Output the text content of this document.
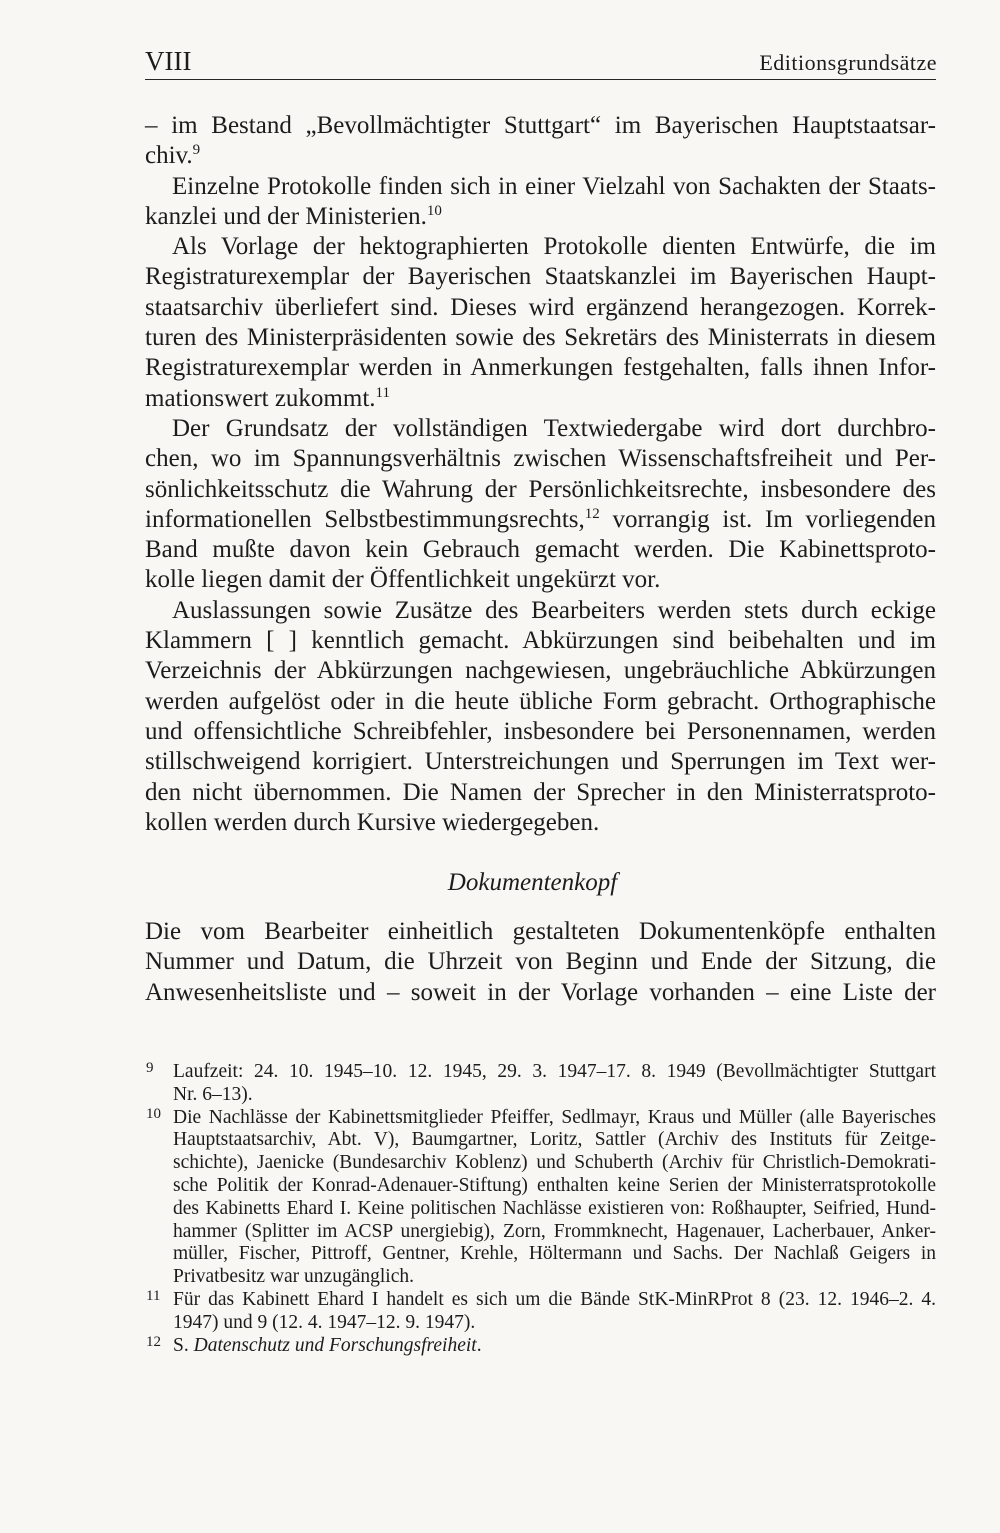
VIII	Editionsgrundsätze
– im Bestand „Bevollmächtigter Stuttgart“ im Bayerischen Hauptstaatsar-
chiv.$^9$
Einzelne Protokolle finden sich in einer Vielzahl von Sachakten der Staats-
kanzlei und der Ministerien.$^{10}$
Als Vorlage der hektographierten Protokolle dienten Entwürfe, die im
Registraturexemplar der Bayerischen Staatskanzlei im Bayerischen Haupt-
staatsarchiv überliefert sind. Dieses wird ergänzend herangezogen. Korrek-
turen des Ministerpräsidenten sowie des Sekretärs des Ministerrats in diesem
Registraturexemplar werden in Anmerkungen festgehalten, falls ihnen Infor-
mationswert zukommt.$^{11}$
Der Grundsatz der vollständigen Textwiedergabe wird dort durchbro-
chen, wo im Spannungsverhältnis zwischen Wissenschaftsfreiheit und Per-
sönlichkeitsschutz die Wahrung der Persönlichkeitsrechte, insbesondere des
informationellen Selbstbestimmungsrechts,$^{12}$ vorrangig ist. Im vorliegenden
Band mußte davon kein Gebrauch gemacht werden. Die Kabinettsproto-
kolle liegen damit der Öffentlichkeit ungekürzt vor.
Auslassungen sowie Zusätze des Bearbeiters werden stets durch eckige
Klammern [ ] kenntlich gemacht. Abkürzungen sind beibehalten und im
Verzeichnis der Abkürzungen nachgewiesen, ungebräuchliche Abkürzungen
werden aufgelöst oder in die heute übliche Form gebracht. Orthographische
und offensichtliche Schreibfehler, insbesondere bei Personennamen, werden
stillschweigend korrigiert. Unterstreichungen und Sperrungen im Text wer-
den nicht übernommen. Die Namen der Sprecher in den Ministerratsproto-
kollen werden durch Kursive wiedergegeben.
Dokumentenkopf
Die vom Bearbeiter einheitlich gestalteten Dokumentenköpfe enthalten
Nummer und Datum, die Uhrzeit von Beginn und Ende der Sitzung, die
Anwesenheitsliste und – soweit in der Vorlage vorhanden – eine Liste der
9 Laufzeit: 24. 10. 1945–10. 12. 1945, 29. 3. 1947–17. 8. 1949 (Bevollmächtigter Stuttgart
Nr. 6–13).
10 Die Nachlässe der Kabinettsmitglieder Pfeiffer, Sedlmayr, Kraus und Müller (alle Bayerisches
Hauptstaatsarchiv, Abt. V), Baumgartner, Loritz, Sattler (Archiv des Instituts für Zeitge-
schichte), Jaenicke (Bundesarchiv Koblenz) und Schuberth (Archiv für Christlich-Demokrati-
sche Politik der Konrad-Adenauer-Stiftung) enthalten keine Serien der Ministerratsprotokolle
des Kabinetts Ehard I. Keine politischen Nachlässe existieren von: Roßhaupter, Seifried, Hund-
hammer (Splitter im ACSP unergiebig), Zorn, Frommknecht, Hagenauer, Lacherbauer, Anker-
müller, Fischer, Pittroff, Gentner, Krehle, Höltermann und Sachs. Der Nachlaß Geigers in
Privatbesitz war unzugänglich.
11 Für das Kabinett Ehard I handelt es sich um die Bände StK-MinRProt 8 (23. 12. 1946–2. 4.
1947) und 9 (12. 4. 1947–12. 9. 1947).
12 S. Datenschutz und Forschungsfreiheit.
